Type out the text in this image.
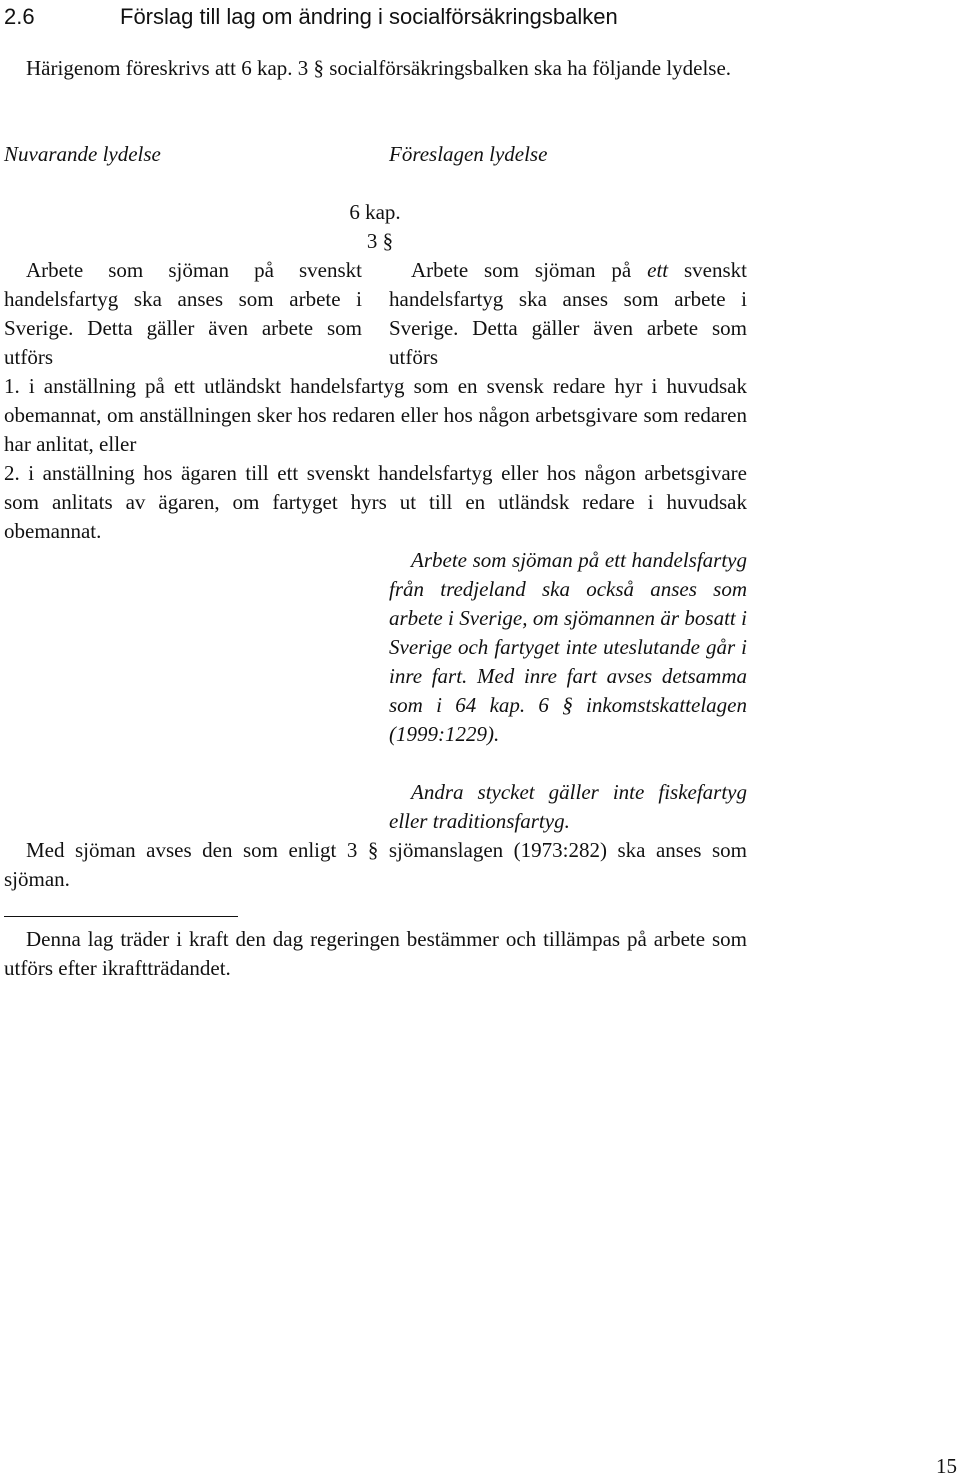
2.6	Förslag till lag om ändring i socialförsäkringsbalken
Härigenom föreskrivs att 6 kap. 3 § socialförsäkringsbalken ska ha följande lydelse.
Nuvarande lydelse	Föreslagen lydelse
6 kap.
3 §
Arbete som sjöman på svenskt handelsfartyg ska anses som arbete i Sverige. Detta gäller även arbete som utförs
Arbete som sjöman på ett svenskt handelsfartyg ska anses som arbete i Sverige. Detta gäller även arbete som utförs
1. i anställning på ett utländskt handelsfartyg som en svensk redare hyr i huvudsak obemannat, om anställningen sker hos redaren eller hos någon arbetsgivare som redaren har anlitat, eller
2. i anställning hos ägaren till ett svenskt handelsfartyg eller hos någon arbetsgivare som anlitats av ägaren, om fartyget hyrs ut till en utländsk redare i huvudsak obemannat.
Arbete som sjöman på ett handelsfartyg från tredjeland ska också anses som arbete i Sverige, om sjömannen är bosatt i Sverige och fartyget inte uteslutande går i inre fart. Med inre fart avses detsamma som i 64 kap. 6 § inkomstskattelagen (1999:1229).
Andra stycket gäller inte fiskefartyg eller traditionsfartyg.
Med sjöman avses den som enligt 3 § sjömanslagen (1973:282) ska anses som sjöman.
Denna lag träder i kraft den dag regeringen bestämmer och tillämpas på arbete som utförs efter ikraftträdandet.
15
